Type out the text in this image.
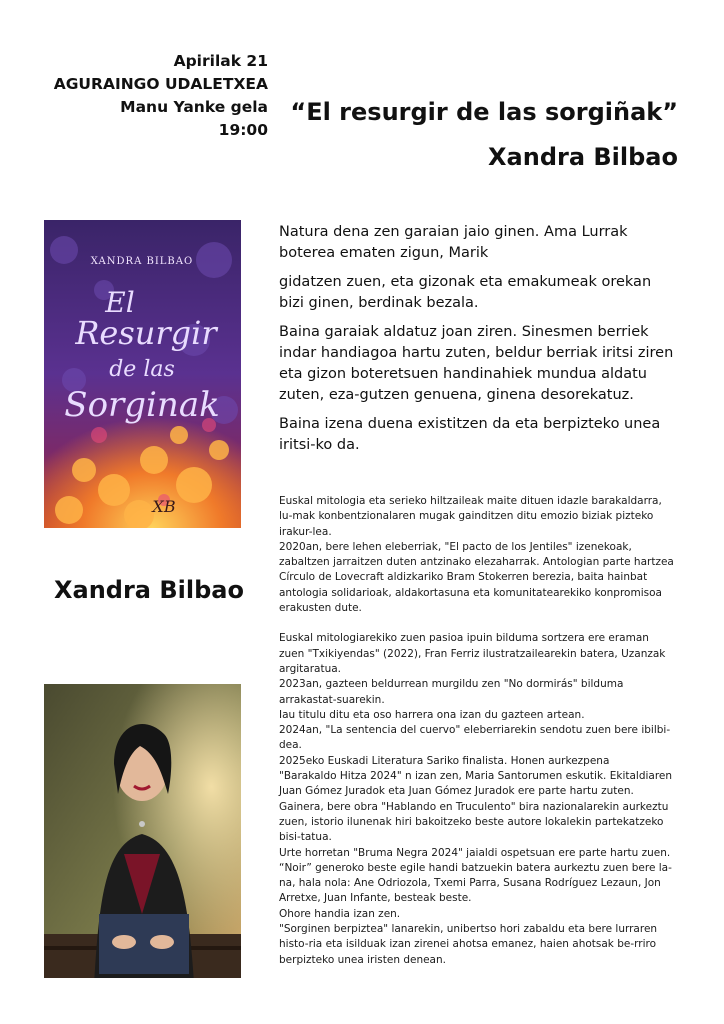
Apirilak 21
AGURAINGO UDALETXEA
Manu Yanke gela
19:00
“El resurgir de las sorgiñak”
Xandra Bilbao
XANDRA BILBAO
El
Resurgir
de las
Sorginak
XB

Natura dena zen garaian jaio ginen. Ama Lurrak boterea ematen zigun, Marik

gidatzen zuen, eta gizonak eta emakumeak orekan bizi ginen, berdinak bezala.

Baina garaiak aldatuz joan ziren. Sinesmen berriek indar handiagoa hartu zuten, beldur berriak iritsi ziren eta gizon boteretsuen handinahiek mundua aldatu zuten, eza-gutzen genuena, ginena desorekatuz.

Baina izena duena existitzen da eta berpizteko unea iritsi-ko da.

Xandra Bilbao

Euskal mitologia eta serieko hiltzaileak maite dituen idazle barakaldarra, lu-mak konbentzionalaren mugak gainditzen ditu emozio biziak pizteko irakur-lea.

2020an, bere lehen eleberriak, "El pacto de los Jentiles" izenekoak, zabaltzen jarraitzen duten antzinako elezaharrak. Antologian parte hartzea Círculo de Lovecraft aldizkariko Bram Stokerren berezia, baita hainbat antologia solidarioak, aldakortasuna eta komunitatearekiko konpromisoa erakusten dute.

Euskal mitologiarekiko zuen pasioa ipuin bilduma sortzera ere eraman zuen "Txikiyendas" (2022), Fran Ferriz ilustratzailearekin batera, Uzanzak argitaratua.

2023an, gazteen beldurrean murgildu zen "No dormirás" bilduma arrakastat-suarekin.

Iau titulu ditu eta oso harrera ona izan du gazteen artean.

2024an, "La sentencia del cuervo" eleberriarekin sendotu zuen bere ibilbi-dea.

2025eko Euskadi Literatura Sariko finalista. Honen aurkezpena

"Barakaldo Hitza 2024" n izan zen, Maria Santorumen eskutik. Ekitaldiaren Juan Gómez Juradok eta Juan Gómez Juradok ere parte hartu zuten.

Gainera, bere obra "Hablando en Truculento" bira nazionalarekin aurkeztu zuen, istorio ilunenak hiri bakoitzeko beste autore lokalekin partekatzeko bisi-tatua.

Urte horretan "Bruma Negra 2024" jaialdi ospetsuan ere parte hartu zuen.

“Noir” generoko beste egile handi batzuekin batera aurkeztu zuen bere la-na, hala nola: Ane Odriozola, Txemi Parra, Susana Rodríguez Lezaun, Jon Arretxe, Juan Infante, besteak beste.

Ohore handia izan zen.

"Sorginen berpiztea" lanarekin, unibertso hori zabaldu eta bere lurraren histo-ria eta isilduak izan zirenei ahotsa emanez, haien ahotsak be-rriro berpizteko unea iristen denean.
